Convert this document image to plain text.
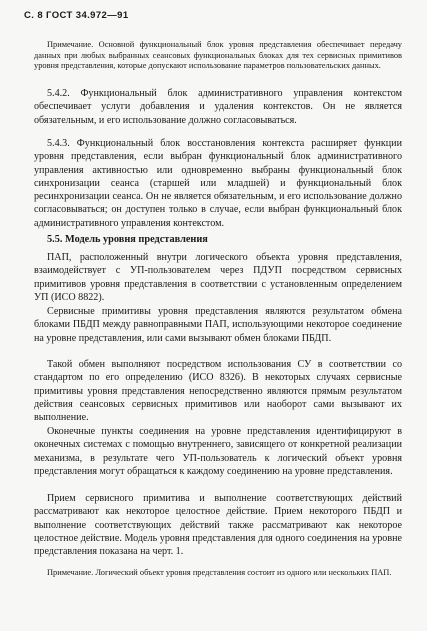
С. 8 ГОСТ 34.972—91

Примечание. Основной функциональный блок уровня представления обеспечивает передачу данных при любых выбранных сеансовых функциональных блоках для тех сервисных примитивов уровня представления, которые допускают использование параметров пользовательских данных.

5.4.2. Функциональный блок административного управления контекстом обеспечивает услуги добавления и удаления контекстов. Он не является обязательным, и его использование должно согласовываться.

5.4.3. Функциональный блок восстановления контекста расширяет функции уровня представления, если выбран функциональный блок административного управления активностью или одновременно выбраны функциональный блок синхронизации сеанса (старшей или младшей) и функциональный блок ресинхронизации сеанса. Он не является обязательным, и его использование должно согласовываться; он доступен только в случае, если выбран функциональный блок административного управления контекстом.

5.5. Модель уровня представления

ПАП, расположенный внутри логического объекта уровня представления, взаимодействует с УП-пользователем через ПДУП посредством сервисных примитивов уровня представления в соответствии с установленным определением УП (ИСО 8822).

Сервисные примитивы уровня представления являются результатом обмена блоками ПБДП между равноправными ПАП, использующими некоторое соединение на уровне представления, или сами вызывают обмен блоками ПБДП.

Такой обмен выполняют посредством использования СУ в соответствии со стандартом по его определению (ИСО 8326). В некоторых случаях сервисные примитивы уровня представления непосредственно являются прямым результатом действия сеансовых сервисных примитивов или наоборот сами вызывают их выполнение.

Оконечные пункты соединения на уровне представления идентифицируют в оконечных системах с помощью внутреннего, зависящего от конкретной реализации механизма, в результате чего УП-пользователь к логический объект уровня представления могут обращаться к каждому соединению на уровне представления.

Прием сервисного примитива и выполнение соответствующих действий рассматривают как некоторое целостное действие. Прием некоторого ПБДП и выполнение соответствующих действий также рассматривают как некоторое целостное действие. Модель уровня представления для одного соединения на уровне представления показана на черт. 1.

Примечание. Логический объект уровня представления состоит из одного или нескольких ПАП.
